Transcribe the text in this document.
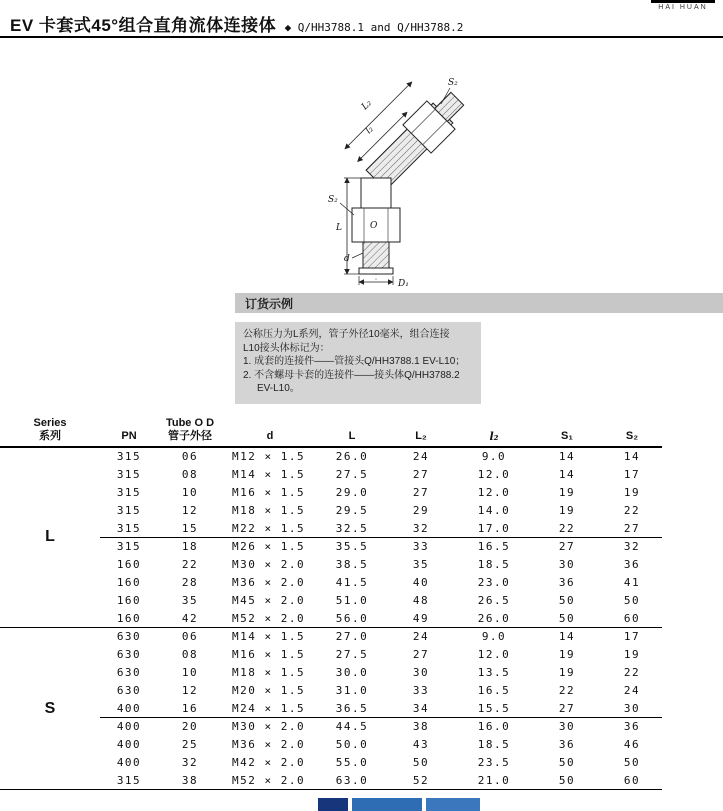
HAI HUAN
EV 卡套式45°组合直角流体连接体 ◆ Q/HH3788.1 and Q/HH3788.2
L
l₂
L₂
S₂
S₂
O
d
D₁
订货示例
公称压力为L系列，管子外径10毫米，组合连接
L10接头体标记为：
1. 成套的连接件——管接头Q/HH3788.1 EV-L10；
2. 不含螺母卡套的连接件——接头体Q/HH3788.2
EV-L10。
Series
系列	PN	
Tube O D
管子外径	d	L	L₂	l₂	S₁	S₂
L	315	06	M12 × 1.5	26.0	24	9.0	14	14
	315	08	M14 × 1.5	27.5	27	12.0	14	17
	315	10	M16 × 1.5	29.0	27	12.0	19	19
	315	12	M18 × 1.5	29.5	29	14.0	19	22
	315	15	M22 × 1.5	32.5	32	17.0	22	27
	315	18	M26 × 1.5	35.5	33	16.5	27	32
	160	22	M30 × 2.0	38.5	35	18.5	30	36
	160	28	M36 × 2.0	41.5	40	23.0	36	41
	160	35	M45 × 2.0	51.0	48	26.5	50	50
	160	42	M52 × 2.0	56.0	49	26.0	50	60
S	630	06	M14 × 1.5	27.0	24	9.0	14	17
	630	08	M16 × 1.5	27.5	27	12.0	19	19
	630	10	M18 × 1.5	30.0	30	13.5	19	22
	630	12	M20 × 1.5	31.0	33	16.5	22	24
	400	16	M24 × 1.5	36.5	34	15.5	27	30
	400	20	M30 × 2.0	44.5	38	16.0	30	36
	400	25	M36 × 2.0	50.0	43	18.5	36	46
	400	32	M42 × 2.0	55.0	50	23.5	50	50
	315	38	M52 × 2.0	63.0	52	21.0	50	60
